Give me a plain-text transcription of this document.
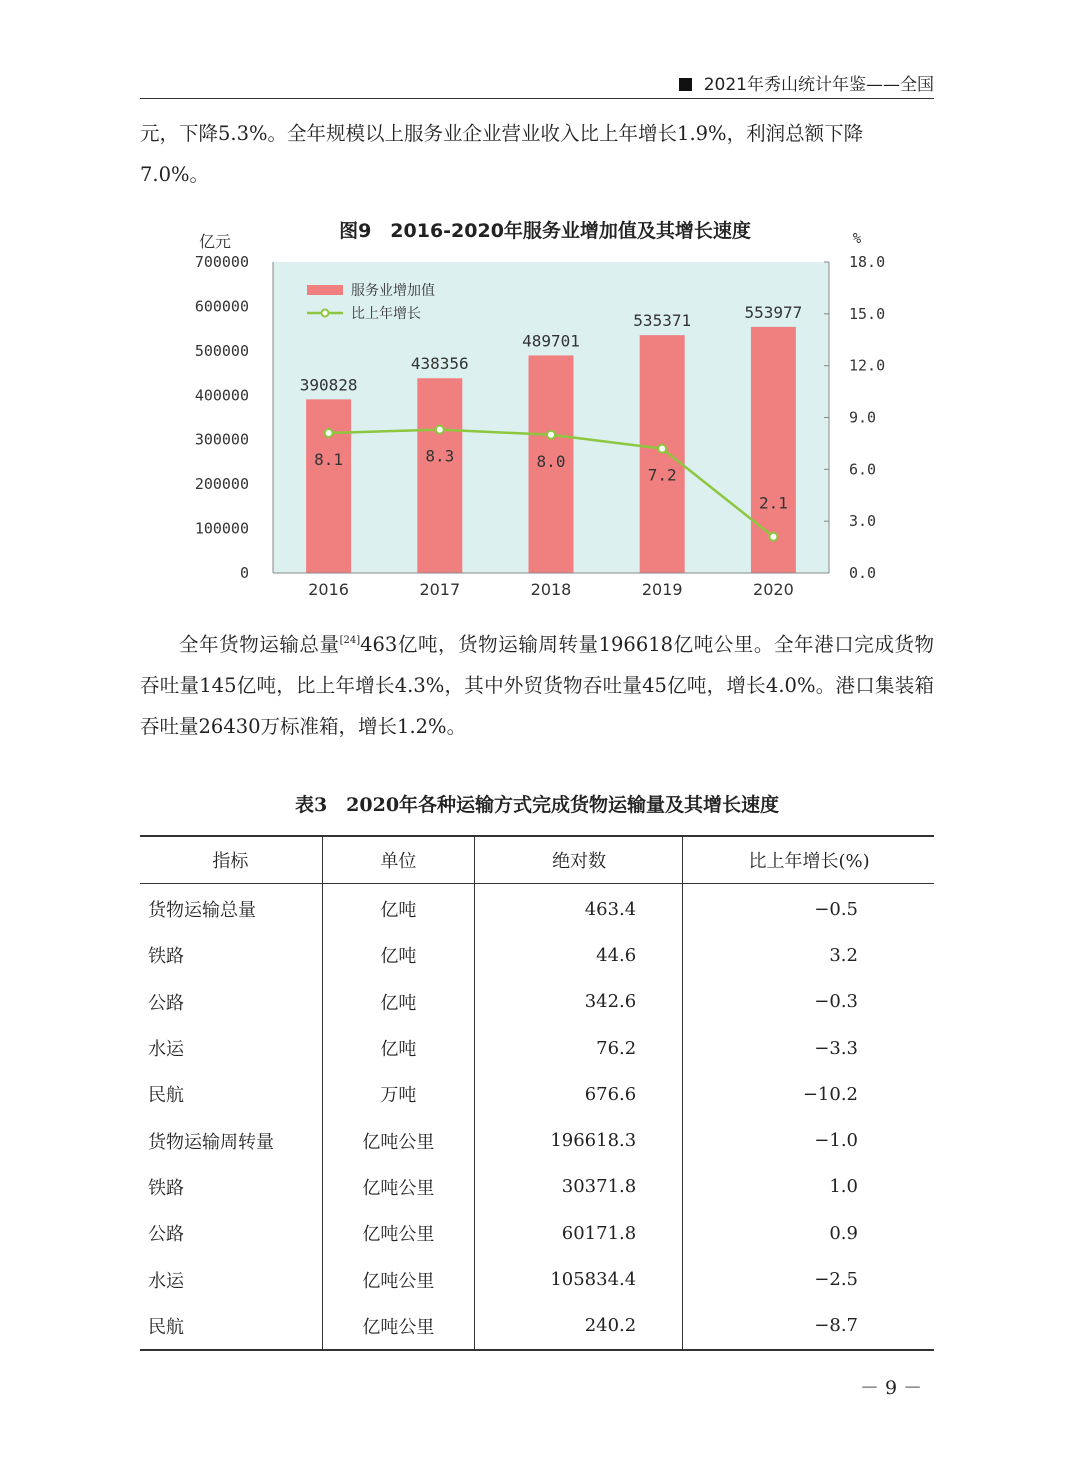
2021年秀山统计年鉴——全国

元，下降5.3%。全年规模以上服务业企业营业收入比上年增长1.9%，利润总额下降

7.0%。

图9　2016-2020年服务业增加值及其增长速度
亿元	%
700000
600000
500000
400000
300000
200000
100000
0
18.0
15.0
12.0
9.0
6.0
3.0
0.0
390828
2016
438356
2017
489701
2018
535371
2019
553977
2020
8.1	8.3	8.0
7.2
2.1
服务业增加值
比上年增长

全年货物运输总量[24]463亿吨，货物运输周转量196618亿吨公里。全年港口完成货物吞吐量145亿吨，比上年增长4.3%，其中外贸货物吞吐量45亿吨，增长4.0%。港口集装箱吞吐量26430万标准箱，增长1.2%。

表3　2020年各种运输方式完成货物运输量及其增长速度
指标	单位	绝对数	比上年增长(%)
货物运输总量	亿吨	463.4	−0.5
铁路	亿吨	44.6	3.2
公路	亿吨	342.6	−0.3
水运	亿吨	76.2	−3.3
民航	万吨	676.6	−10.2
货物运输周转量	亿吨公里	196618.3	−1.0
铁路	亿吨公里	30371.8	1.0
公路	亿吨公里	60171.8	0.9
水运	亿吨公里	105834.4	−2.5
民航	亿吨公里	240.2	−8.7
－ 9 －
